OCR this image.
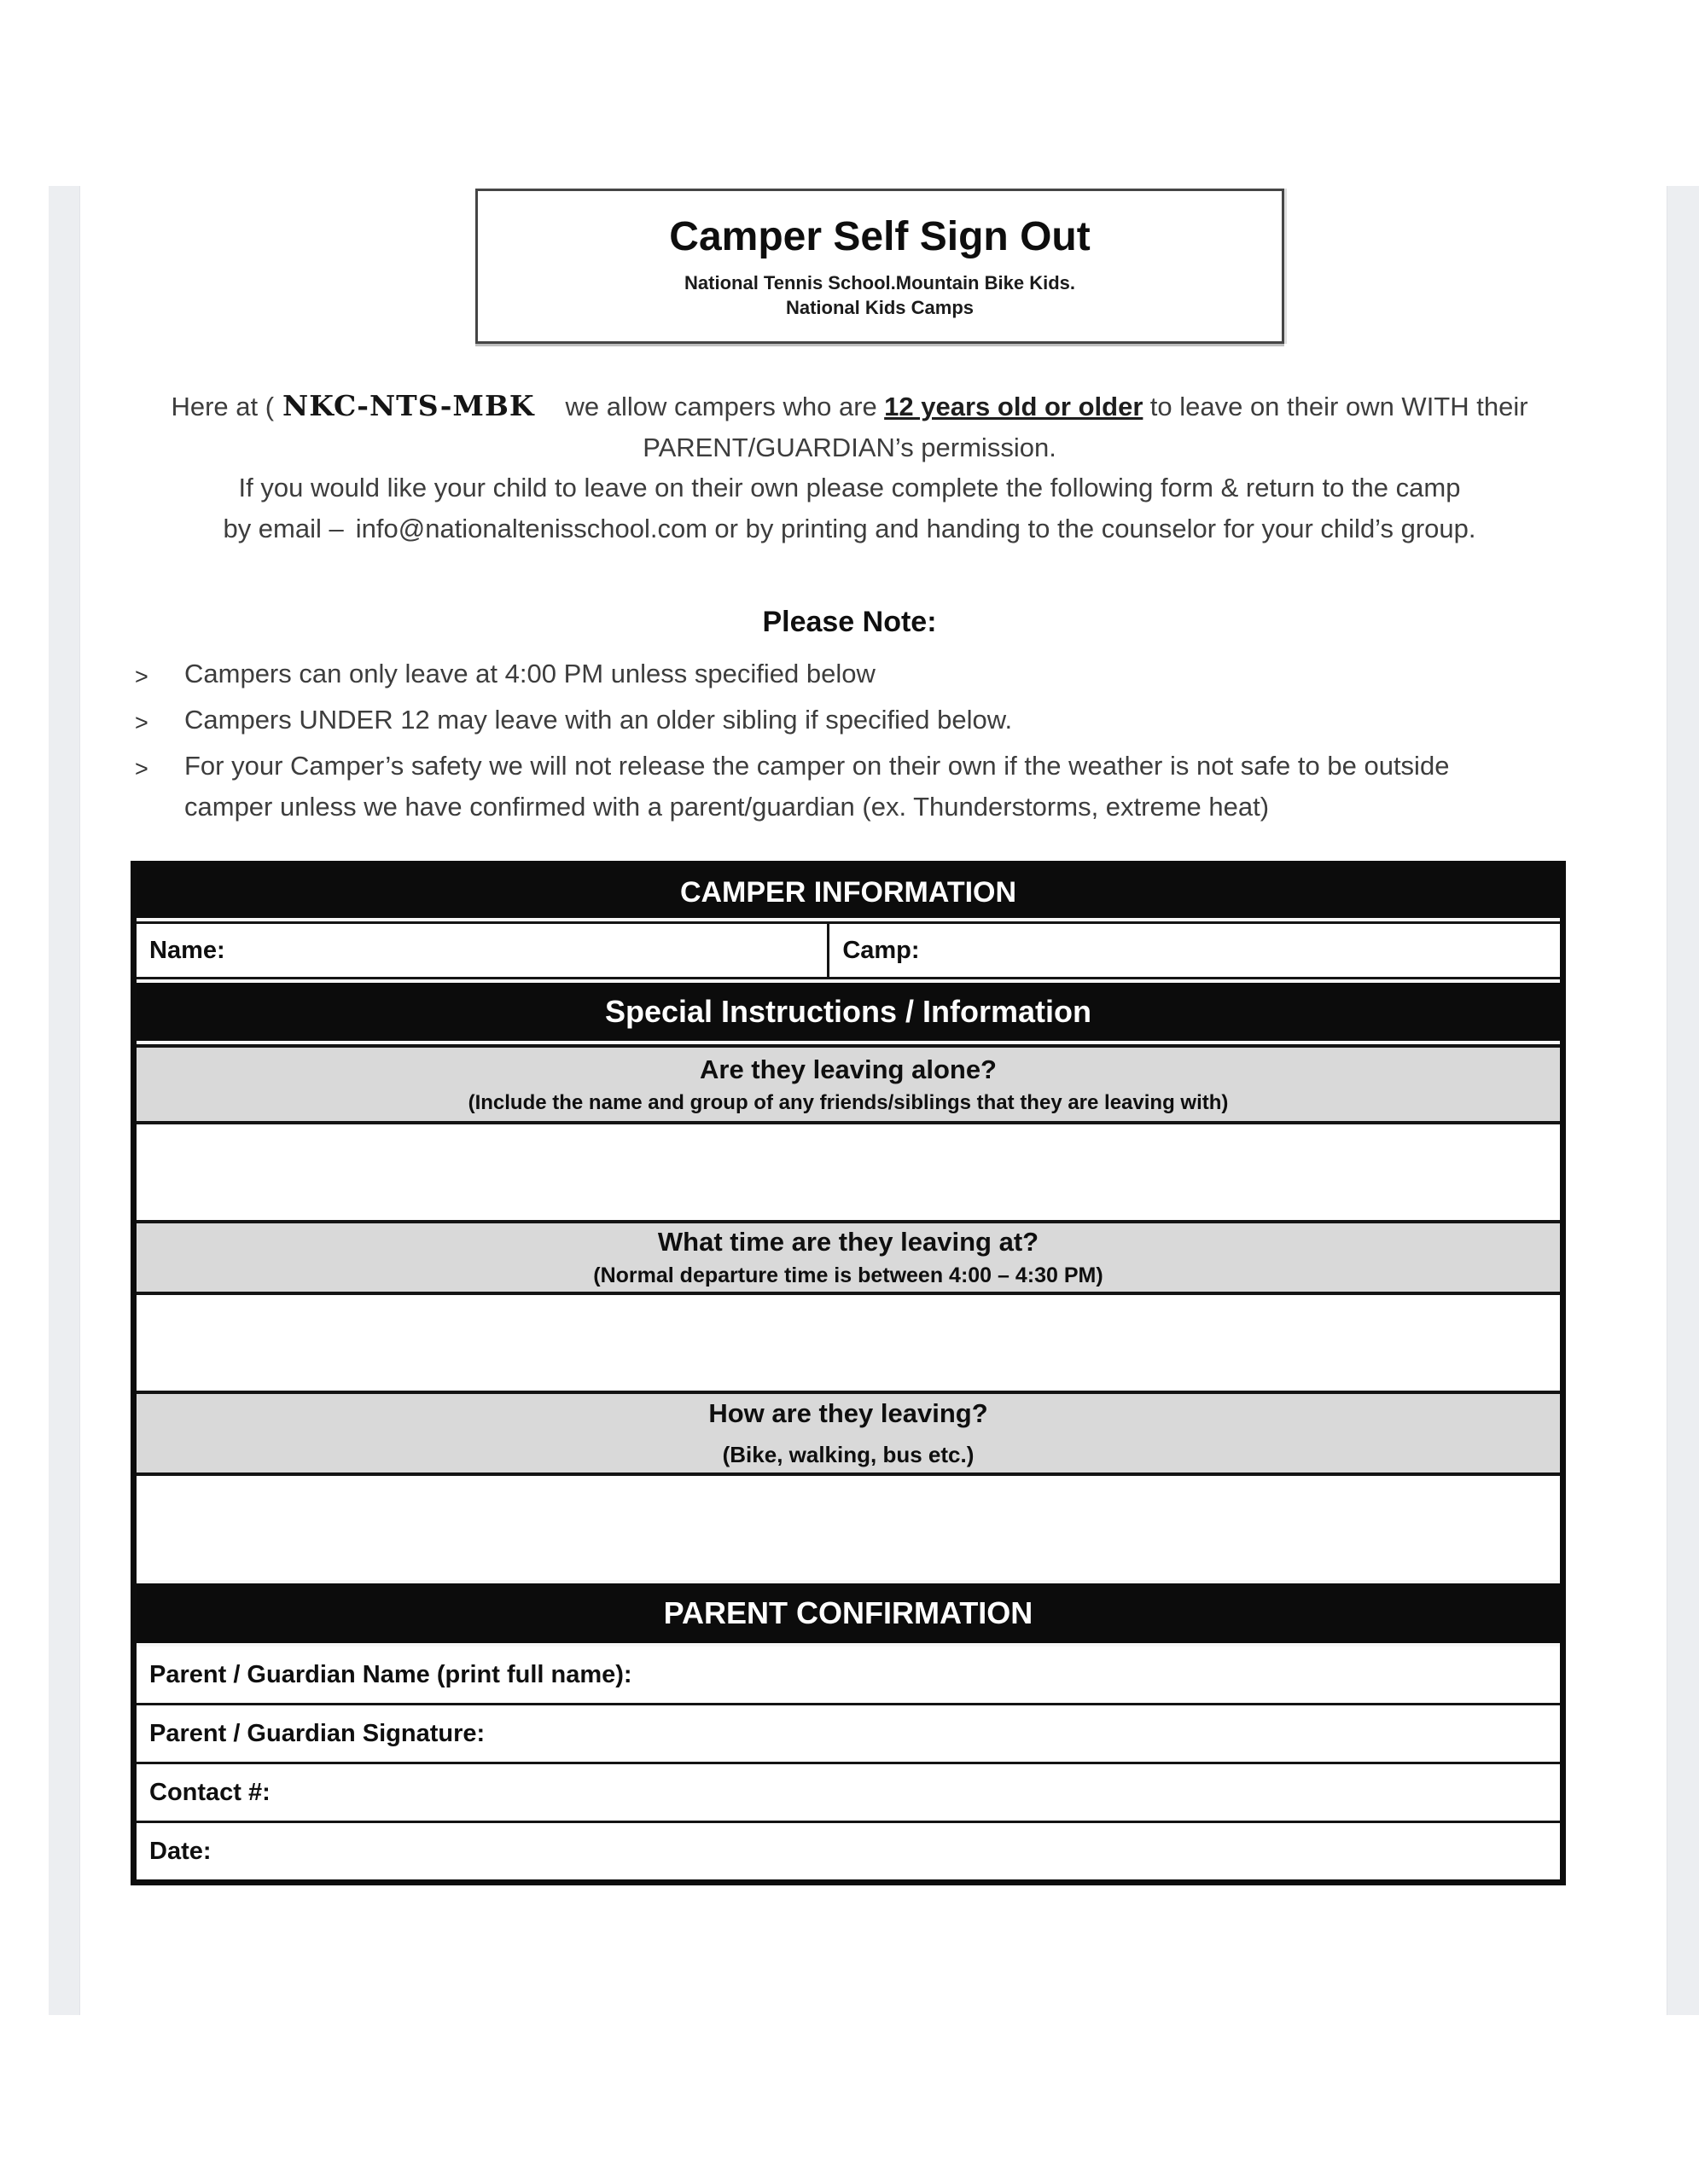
Camper Self Sign Out
National Tennis School.Mountain Bike Kids.
National Kids Camps
Here at ( NKC-NTS-MBK we allow campers who are 12 years old or older to leave on their own WITH their
PARENT/GUARDIAN’s permission.
If you would like your child to leave on their own please complete the following form & return to the camp
by email – info@nationaltenisschool.com or by printing and handing to the counselor for your child’s group.
Please Note:
>	Campers can only leave at 4:00 PM unless specified below
>	Campers UNDER 12 may leave with an older sibling if specified below.
>	For your Camper’s safety we will not release the camper on their own if the weather is not safe to be outside camper unless we have confirmed with a parent/guardian (ex. Thunderstorms, extreme heat)
CAMPER INFORMATION
Name:	Camp:
Special Instructions / Information
Are they leaving alone?
(Include the name and group of any friends/siblings that they are leaving with)
What time are they leaving at?
(Normal departure time is between 4:00 – 4:30 PM)
How are they leaving?
(Bike, walking, bus etc.)
PARENT CONFIRMATION
Parent / Guardian Name (print full name):
Parent / Guardian Signature:
Contact #:
Date:
